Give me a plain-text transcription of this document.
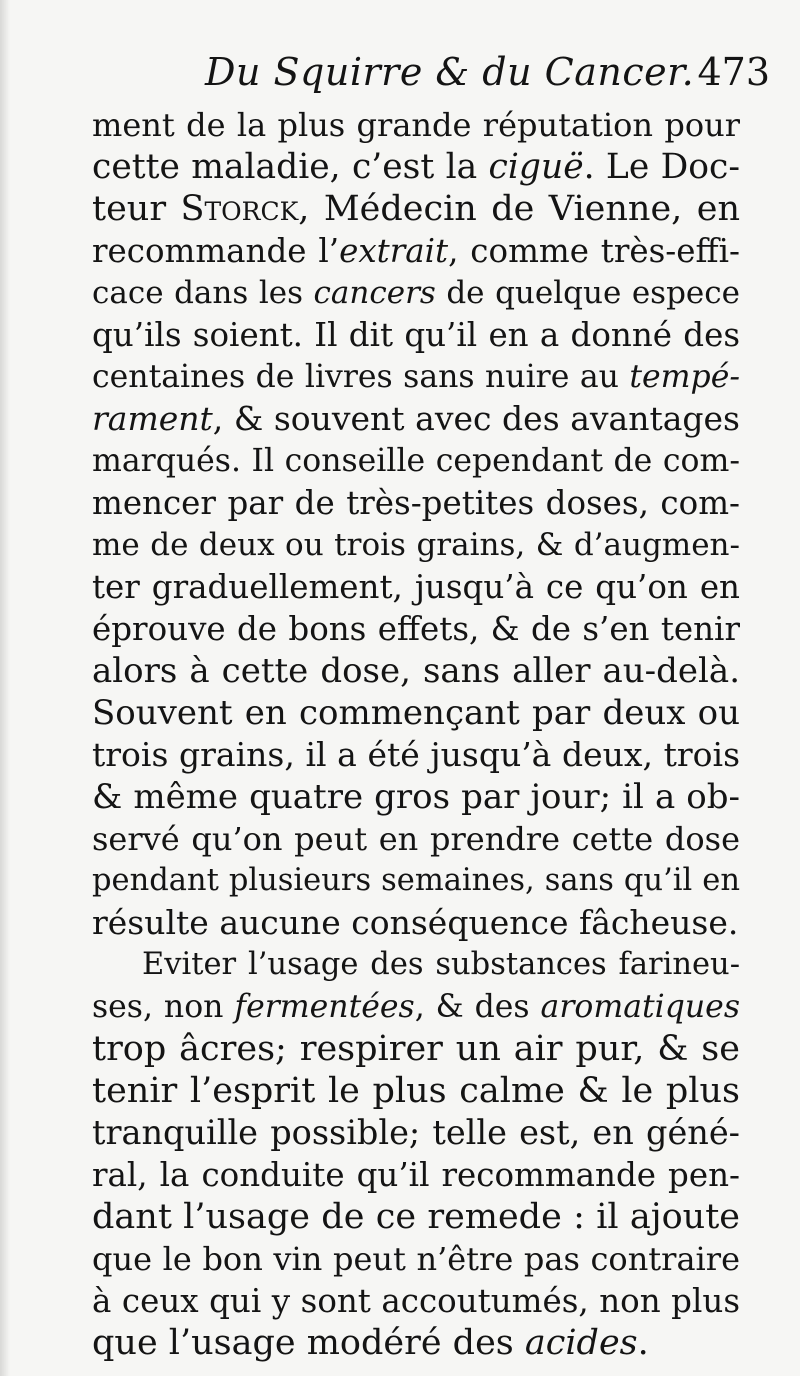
Du Squirre & du Cancer. 473
ment de la plus grande réputation pour
cette maladie, c’est la ciguë. Le Doc-
teur Storck, Médecin de Vienne, en
recommande l’extrait, comme très-effi-
cace dans les cancers de quelque espece
qu’ils soient. Il dit qu’il en a donné des
centaines de livres sans nuire au tempé-
rament, & souvent avec des avantages
marqués. Il conseille cependant de com-
mencer par de très-petites doses, com-
me de deux ou trois grains, & d’augmen-
ter graduellement, jusqu’à ce qu’on en
éprouve de bons effets, & de s’en tenir
alors à cette dose, sans aller au-delà.
Souvent en commençant par deux ou
trois grains, il a été jusqu’à deux, trois
& même quatre gros par jour; il a ob-
servé qu’on peut en prendre cette dose
pendant plusieurs semaines, sans qu’il en
résulte aucune conséquence fâcheuse.
Eviter l’usage des substances farineu-
ses, non fermentées, & des aromatiques
trop âcres; respirer un air pur, & se
tenir l’esprit le plus calme & le plus
tranquille possible; telle est, en géné-
ral, la conduite qu’il recommande pen-
dant l’usage de ce remede : il ajoute
que le bon vin peut n’être pas contraire
à ceux qui y sont accoutumés, non plus
que l’usage modéré des acides.
